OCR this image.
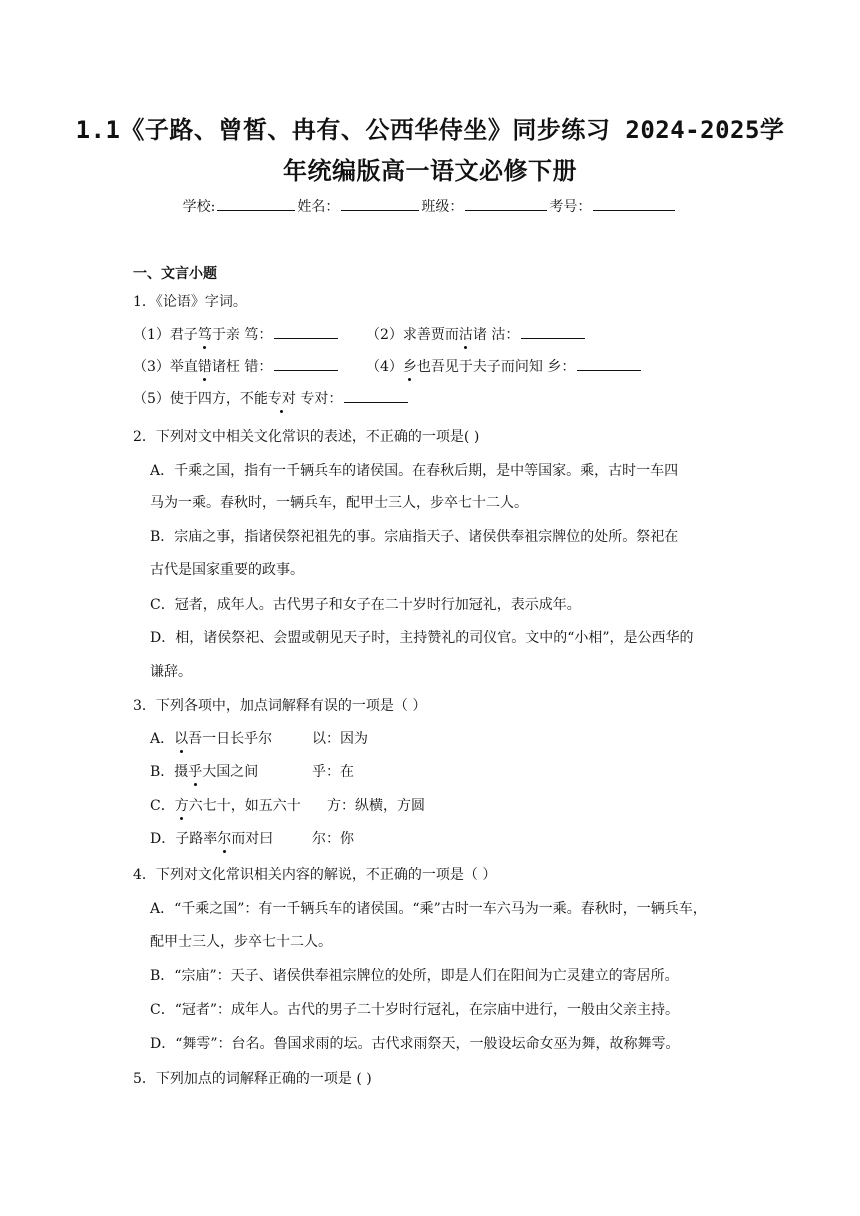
1.1《子路、曾皙、冉有、公西华侍坐》同步练习 2024-2025学
年统编版高一语文必修下册
学校:	姓名：	班级：	考号：
一、文言小题
1．《论语》字词。
（1）君子笃于亲 笃：	（2）求善贾而沽诸 沽：
（3）举直错诸枉 错：	（4）乡也吾见于夫子而问知 乡：
（5）使于四方，不能专对 专对：
2．下列对文中相关文化常识的表述，不正确的一项是( )
A．千乘之国，指有一千辆兵车的诸侯国。在春秋后期，是中等国家。乘，古时一车四
马为一乘。春秋时，一辆兵车，配甲士三人，步卒七十二人。
B．宗庙之事，指诸侯祭祀祖先的事。宗庙指天子、诸侯供奉祖宗牌位的处所。祭祀在
古代是国家重要的政事。
C．冠者，成年人。古代男子和女子在二十岁时行加冠礼，表示成年。
D．相，诸侯祭祀、会盟或朝见天子时，主持赞礼的司仪官。文中的“小相”，是公西华的
谦辞。
3．下列各项中，加点词解释有误的一项是（ ）
A．以吾一日长乎尔	以：因为
B．摄乎大国之间	乎：在
C．方六七十，如五六十 方：纵横，方圆
D．子路率尔而对曰	尔：你
4．下列对文化常识相关内容的解说，不正确的一项是（ ）
A．“千乘之国”：有一千辆兵车的诸侯国。“乘”古时一车六马为一乘。春秋时，一辆兵车，
配甲士三人，步卒七十二人。
B．“宗庙”：天子、诸侯供奉祖宗牌位的处所，即是人们在阳间为亡灵建立的寄居所。
C．“冠者”：成年人。古代的男子二十岁时行冠礼，在宗庙中进行，一般由父亲主持。
D．“舞雩”：台名。鲁国求雨的坛。古代求雨祭天，一般设坛命女巫为舞，故称舞雩。
5．下列加点的词解释正确的一项是 ( )
